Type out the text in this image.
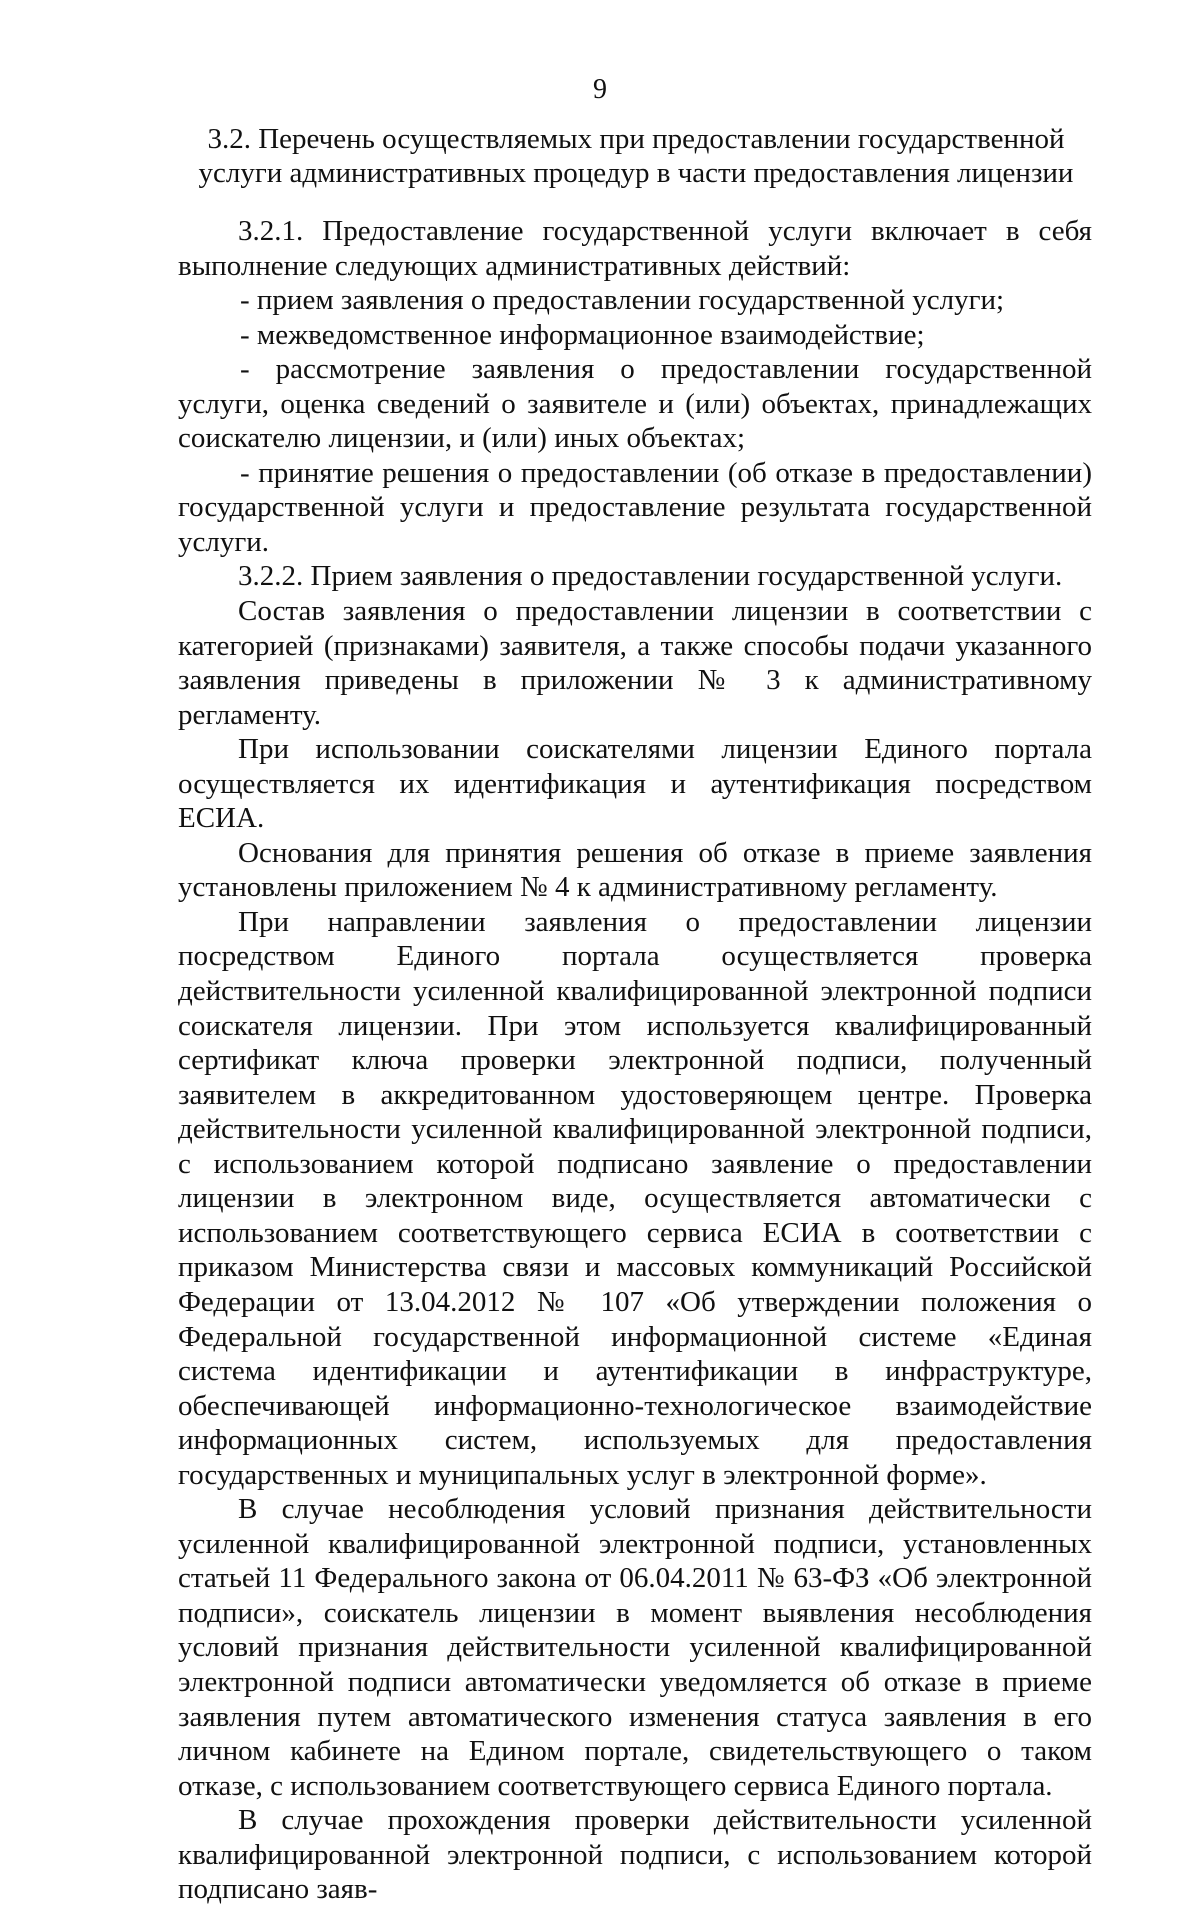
9
3.2. Перечень осуществляемых при предоставлении государственной услуги административных процедур в части предоставления лицензии

3.2.1. Предоставление государственной услуги включает в себя выполнение следующих административных действий:

- прием заявления о предоставлении государственной услуги;

- межведомственное информационное взаимодействие;

- рассмотрение заявления о предоставлении государственной услуги, оценка сведений о заявителе и (или) объектах, принадлежащих соискателю лицензии, и (или) иных объектах;

- принятие решения о предоставлении (об отказе в предоставлении) государственной услуги и предоставление результата государственной услуги.

3.2.2. Прием заявления о предоставлении государственной услуги.

Состав заявления о предоставлении лицензии в соответствии с категорией (признаками) заявителя, а также способы подачи указанного заявления приведены в приложении № 3 к административному регламенту.

При использовании соискателями лицензии Единого портала осуществляется их идентификация и аутентификация посредством ЕСИА.

Основания для принятия решения об отказе в приеме заявления установлены приложением № 4 к административному регламенту.

При направлении заявления о предоставлении лицензии посредством Единого портала осуществляется проверка действительности усиленной квалифицированной электронной подписи соискателя лицензии. При этом используется квалифицированный сертификат ключа проверки электронной подписи, полученный заявителем в аккредитованном удостоверяющем центре. Проверка действительности усиленной квалифицированной электронной подписи, с использованием которой подписано заявление о предоставлении лицензии в электронном виде, осуществляется автоматически с использованием соответствующего сервиса ЕСИА в соответствии с приказом Министерства связи и массовых коммуникаций Российской Федерации от 13.04.2012 № 107 «Об утверждении положения о Федеральной государственной информационной системе «Единая система идентификации и аутентификации в инфраструктуре, обеспечивающей информационно-технологическое взаимодействие информационных систем, используемых для предоставления государственных и муниципальных услуг в электронной форме».

В случае несоблюдения условий признания действительности усиленной квалифицированной электронной подписи, установленных статьей 11 Федерального закона от 06.04.2011 № 63-ФЗ «Об электронной подписи», соискатель лицензии в момент выявления несоблюдения условий признания действительности усиленной квалифицированной электронной подписи автоматически уведомляется об отказе в приеме заявления путем автоматического изменения статуса заявления в его личном кабинете на Едином портале, свидетельствующего о таком отказе, с использованием соответствующего сервиса Единого портала.

В случае прохождения проверки действительности усиленной квалифицированной электронной подписи, с использованием которой подписано заяв-
